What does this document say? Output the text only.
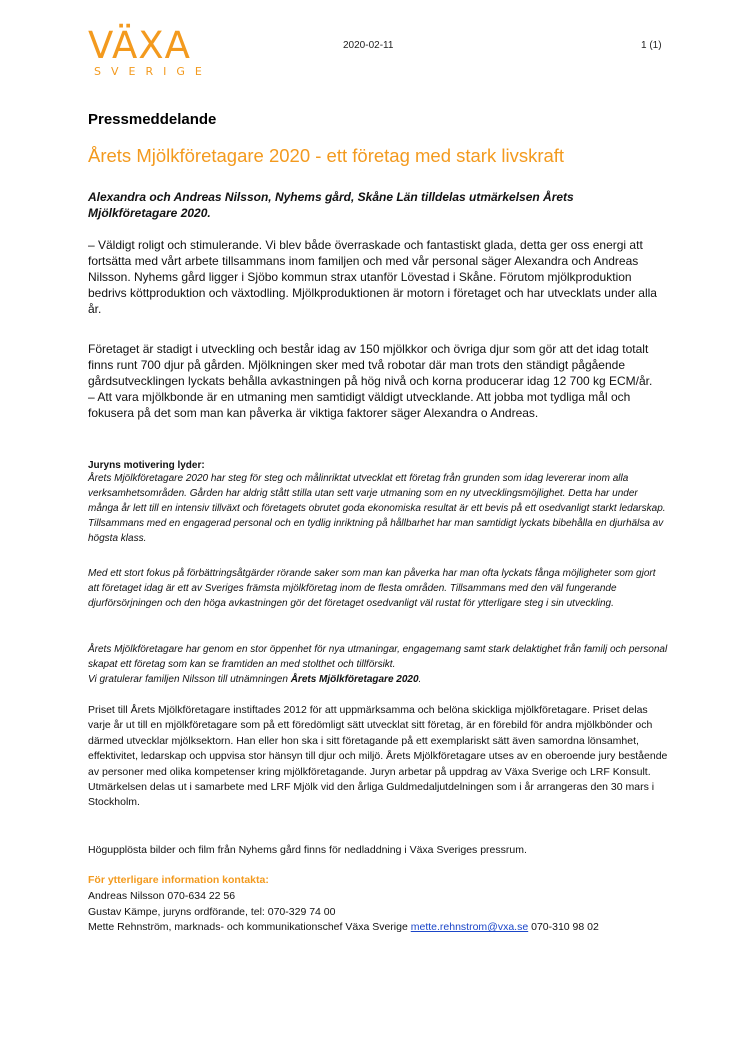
VÄXA
SVERIGE
2020-02-11	1 (1)
Pressmeddelande
Årets Mjölkföretagare 2020 - ett företag med stark livskraft
Alexandra och Andreas Nilsson, Nyhems gård, Skåne Län tilldelas utmärkelsen Årets Mjölkföretagare 2020.
– Väldigt roligt och stimulerande. Vi blev både överraskade och fantastiskt glada, detta ger oss energi att fortsätta med vårt arbete tillsammans inom familjen och med vår personal säger Alexandra och Andreas Nilsson. Nyhems gård ligger i Sjöbo kommun strax utanför Lövestad i Skåne. Förutom mjölkproduktion bedrivs köttproduktion och växtodling. Mjölkproduktionen är motorn i företaget och har utvecklats under alla år.
Företaget är stadigt i utveckling och består idag av 150 mjölkkor och övriga djur som gör att det idag totalt finns runt 700 djur på gården. Mjölkningen sker med två robotar där man trots den ständigt pågående gårdsutvecklingen lyckats behålla avkastningen på hög nivå och korna producerar idag 12 700 kg ECM/år.
– Att vara mjölkbonde är en utmaning men samtidigt väldigt utvecklande. Att jobba mot tydliga mål och fokusera på det som man kan påverka är viktiga faktorer säger Alexandra o Andreas.
Juryns motivering lyder:
Årets Mjölkföretagare 2020 har steg för steg och målinriktat utvecklat ett företag från grunden som idag levererar inom alla verksamhetsområden. Gården har aldrig stått stilla utan sett varje utmaning som en ny utvecklingsmöjlighet. Detta har under många år lett till en intensiv tillväxt och företagets obrutet goda ekonomiska resultat är ett bevis på ett osedvanligt starkt ledarskap. Tillsammans med en engagerad personal och en tydlig inriktning på hållbarhet har man samtidigt lyckats bibehålla en djurhälsa av högsta klass.
Med ett stort fokus på förbättringsåtgärder rörande saker som man kan påverka har man ofta lyckats fånga möjligheter som gjort att företaget idag är ett av Sveriges främsta mjölkföretag inom de flesta områden. Tillsammans med den väl fungerande djurförsörjningen och den höga avkastningen gör det företaget osedvanligt väl rustat för ytterligare steg i sin utveckling.
Årets Mjölkföretagare har genom en stor öppenhet för nya utmaningar, engagemang samt stark delaktighet från familj och personal skapat ett företag som kan se framtiden an med stolthet och tillförsikt.
Vi gratulerar familjen Nilsson till utnämningen Årets Mjölkföretagare 2020.
Priset till Årets Mjölkföretagare instiftades 2012 för att uppmärksamma och belöna skickliga mjölkföretagare. Priset delas varje år ut till en mjölkföretagare som på ett föredömligt sätt utvecklat sitt företag, är en förebild för andra mjölkbönder och därmed utvecklar mjölksektorn. Han eller hon ska i sitt företagande på ett exemplariskt sätt även samordna lönsamhet, effektivitet, ledarskap och uppvisa stor hänsyn till djur och miljö. Årets Mjölkföretagare utses av en oberoende jury bestående av personer med olika kompetenser kring mjölkföretagande. Juryn arbetar på uppdrag av Växa Sverige och LRF Konsult. Utmärkelsen delas ut i samarbete med LRF Mjölk vid den årliga Guldmedaljutdelningen som i år arrangeras den 30 mars i Stockholm.
Högupplösta bilder och film från Nyhems gård finns för nedladdning i Växa Sveriges pressrum.
För ytterligare information kontakta:
Andreas Nilsson 070-634 22 56
Gustav Kämpe, juryns ordförande, tel: 070-329 74 00
Mette Rehnström, marknads- och kommunikationschef Växa Sverige mette.rehnstrom@vxa.se 070-310 98 02
